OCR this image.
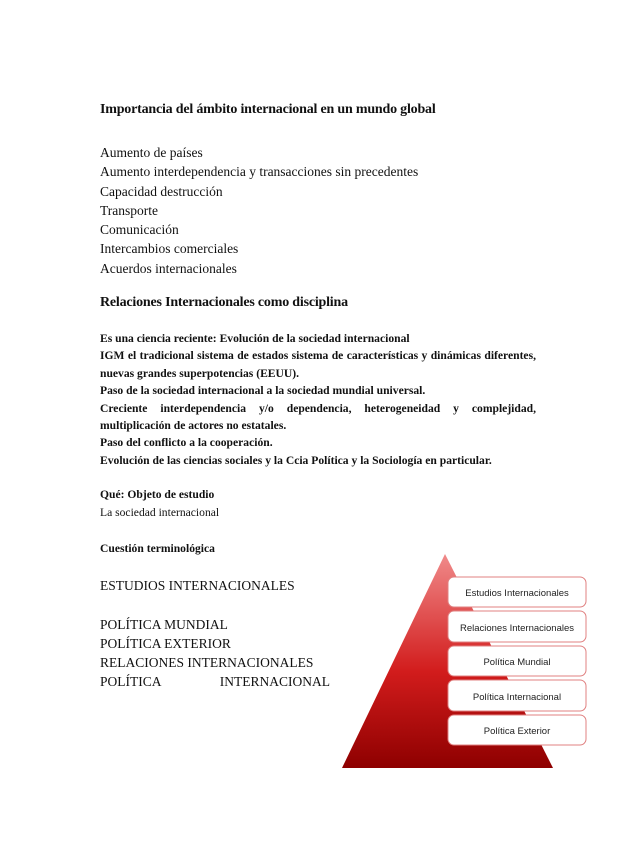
Importancia del ámbito internacional en un mundo global
Aumento de países
Aumento interdependencia y transacciones sin precedentes
Capacidad destrucción
Transporte
Comunicación
Intercambios comerciales
Acuerdos internacionales
Relaciones Internacionales como disciplina
Es una ciencia reciente: Evolución de la sociedad internacional
IGM el tradicional sistema de estados sistema de características y dinámicas diferentes, nuevas grandes superpotencias (EEUU).
Paso de la sociedad internacional a la sociedad mundial universal.
Creciente interdependencia y/o dependencia, heterogeneidad y complejidad, multiplicación de actores no estatales.
Paso del conflicto a la cooperación.
Evolución de las ciencias sociales y la Ccia Política y la Sociología en particular.
Qué: Objeto de estudio
La sociedad internacional
Cuestión terminológica
ESTUDIOS INTERNACIONALES
POLÍTICA MUNDIAL
POLÍTICA EXTERIOR
RELACIONES INTERNACIONALES
POLÍTICA	INTERNACIONAL
Estudios Internacionales
Relaciones Internacionales
Política Mundial
Política Internacional
Política Exterior
